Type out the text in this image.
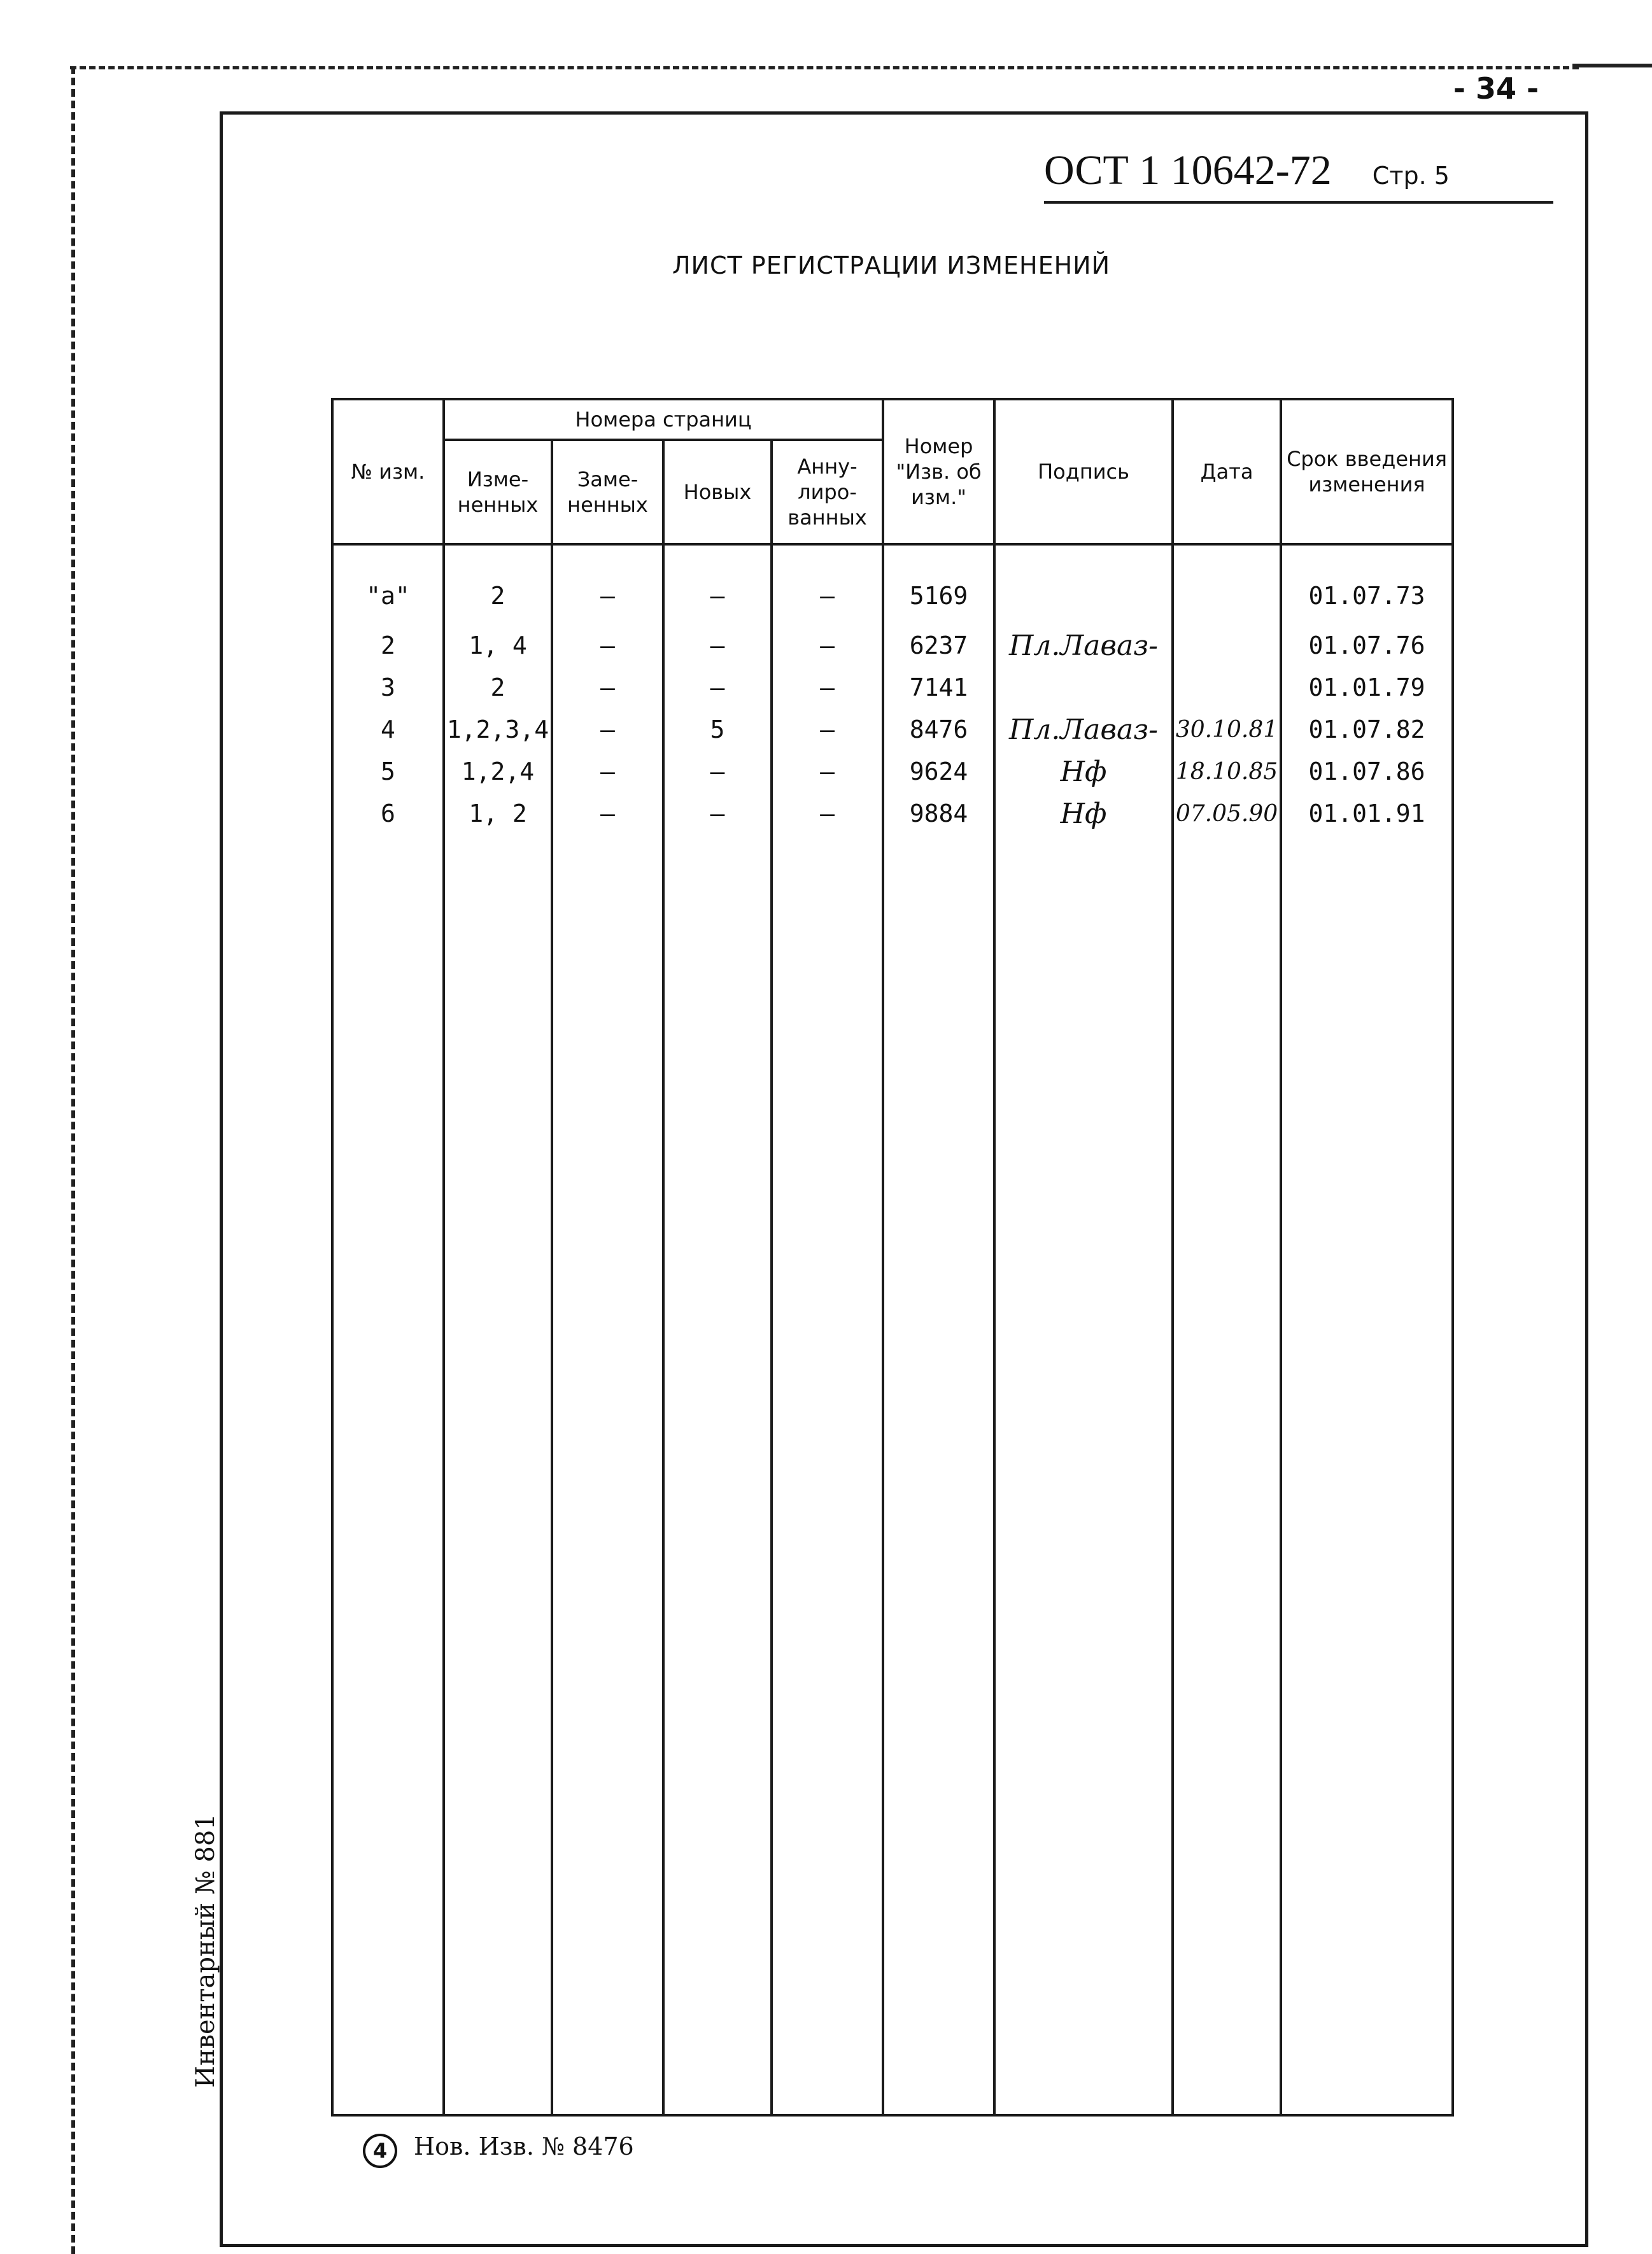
- 34 -
ОСТ 1 10642-72 Стр. 5
ЛИСТ РЕГИСТРАЦИИ ИЗМЕНЕНИЙ
№ изм.	Номера страниц				Номер "Изв. об изм."	Подпись	Дата	Срок введения изменения
	Изме-ненных	Заме-ненных	Новых	Анну-лиро-ванных				
"а"	2	–	–	–	5169			01.07.73
2	1, 4	–	–	–	6237	Пл.Лаваз-		01.07.76
3	2	–	–	–	7141			01.01.79
4	1,2,3,4	–	5	–	8476	Пл.Лаваз-	30.10.81	01.07.82
5	1,2,4	–	–	–	9624	Нф	18.10.85	01.07.86
6	1, 2	–	–	–	9884	Нф	07.05.90	01.01.91

4	Нов. Изв. № 8476
Инвентарный № 881
